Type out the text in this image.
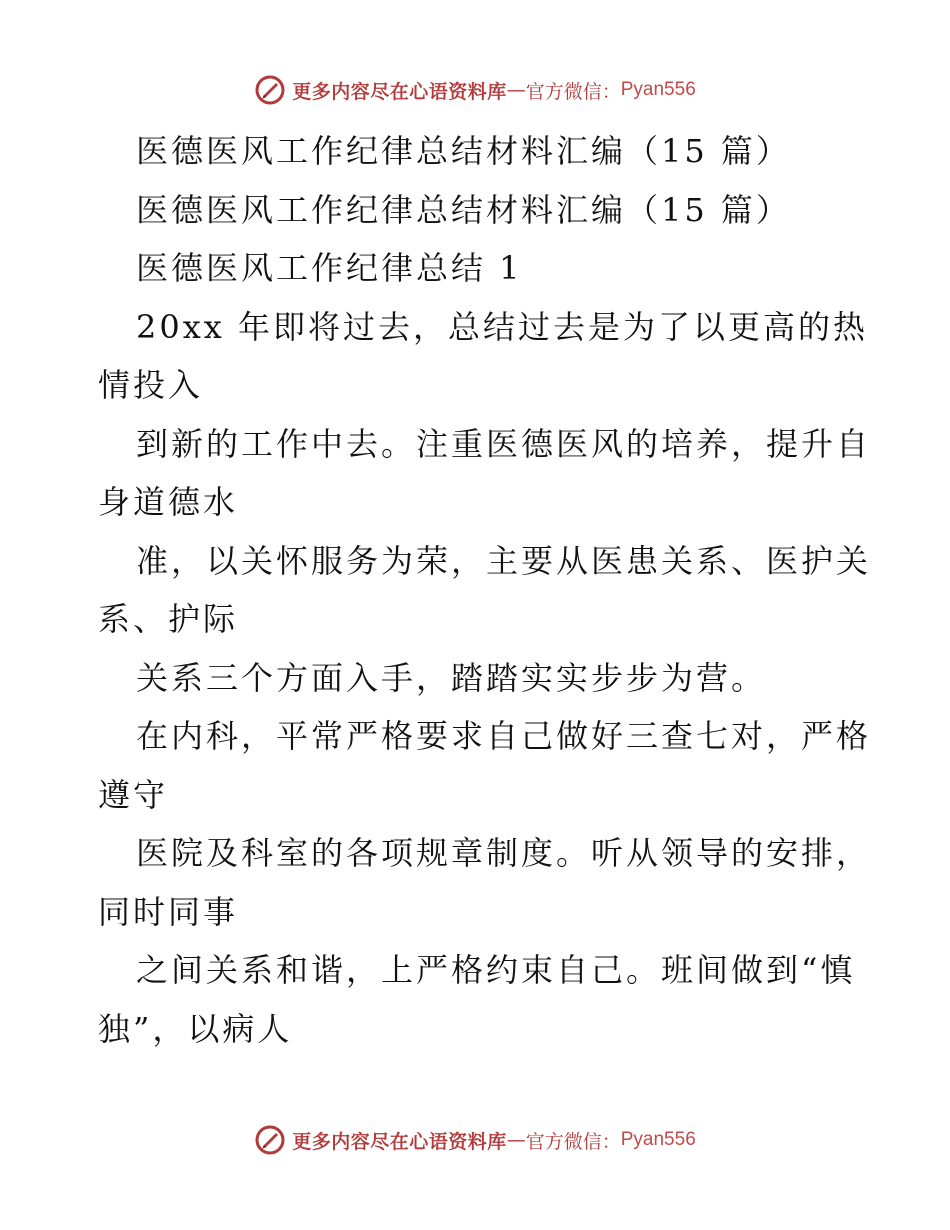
更多内容尽在心语资料库 — 官方微信： Pyan556
医德医风工作纪律总结材料汇编（15 篇）
医德医风工作纪律总结材料汇编（15 篇）
医德医风工作纪律总结 1
20xx 年即将过去，总结过去是为了以更高的热
情投入
到新的工作中去。注重医德医风的培养，提升自
身道德水
准，以关怀服务为荣，主要从医患关系、医护关
系、护际
关系三个方面入手，踏踏实实步步为营。
在内科，平常严格要求自己做好三查七对，严格
遵守
医院及科室的各项规章制度。听从领导的安排，
同时同事
之间关系和谐，上严格约束自己。班间做到“慎
独”，以病人
更多内容尽在心语资料库 — 官方微信： Pyan556
